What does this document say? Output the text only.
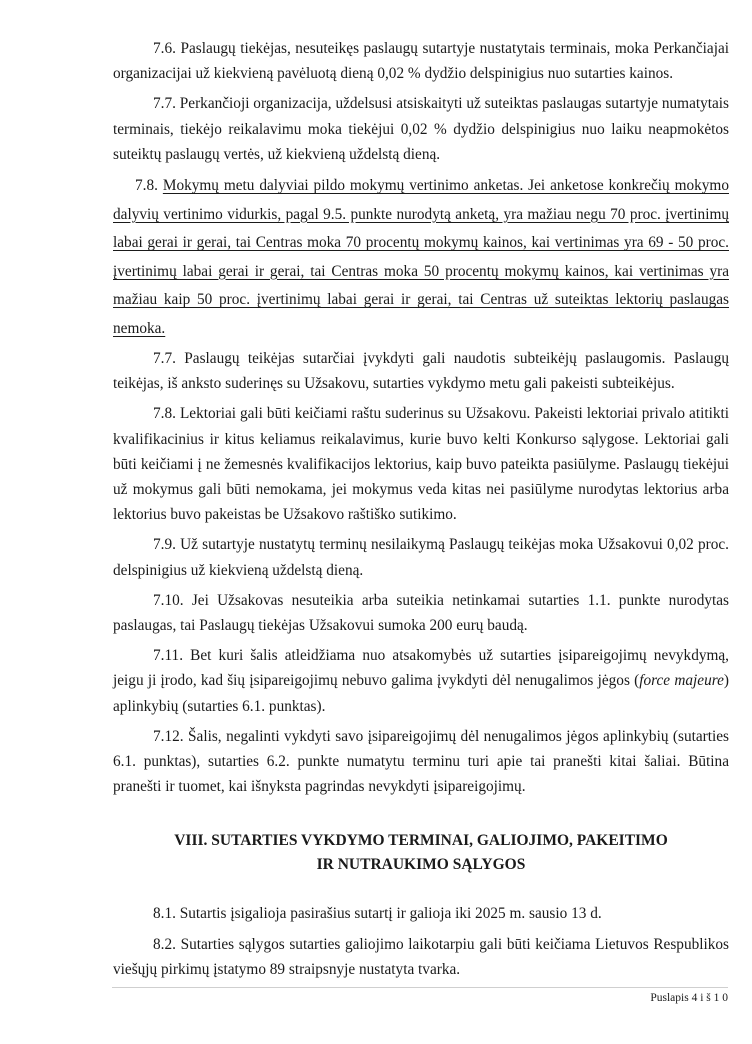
7.6. Paslaugų tiekėjas, nesuteikęs paslaugų sutartyje nustatytais terminais, moka Perkančiajai organizacijai už kiekvieną pavėluotą dieną 0,02 % dydžio delspinigius nuo sutarties kainos.

7.7. Perkančioji organizacija, uždelsusi atsiskaityti už suteiktas paslaugas sutartyje numatytais terminais, tiekėjo reikalavimu moka tiekėjui 0,02 % dydžio delspinigius nuo laiku neapmokėtos suteiktų paslaugų vertės, už kiekvieną uždelstą dieną.

7.8. Mokymų metu dalyviai pildo mokymų vertinimo anketas. Jei anketose konkrečių mokymo dalyvių vertinimo vidurkis, pagal 9.5. punkte nurodytą anketą, yra mažiau negu 70 proc. įvertinimų labai gerai ir gerai, tai Centras moka 70 procentų mokymų kainos, kai vertinimas yra 69 - 50 proc. įvertinimų labai gerai ir gerai, tai Centras moka 50 procentų mokymų kainos, kai vertinimas yra mažiau kaip 50 proc. įvertinimų labai gerai ir gerai, tai Centras už suteiktas lektorių paslaugas nemoka.

7.7. Paslaugų teikėjas sutarčiai įvykdyti gali naudotis subteikėjų paslaugomis. Paslaugų teikėjas, iš anksto suderinęs su Užsakovu, sutarties vykdymo metu gali pakeisti subteikėjus.

7.8. Lektoriai gali būti keičiami raštu suderinus su Užsakovu. Pakeisti lektoriai privalo atitikti kvalifikacinius ir kitus keliamus reikalavimus, kurie buvo kelti Konkurso sąlygose. Lektoriai gali būti keičiami į ne žemesnės kvalifikacijos lektorius, kaip buvo pateikta pasiūlyme. Paslaugų tiekėjui už mokymus gali būti nemokama, jei mokymus veda kitas nei pasiūlyme nurodytas lektorius arba lektorius buvo pakeistas be Užsakovo raštiško sutikimo.

7.9. Už sutartyje nustatytų terminų nesilaikymą Paslaugų teikėjas moka Užsakovui 0,02 proc. delspinigius už kiekvieną uždelstą dieną.

7.10. Jei Užsakovas nesuteikia arba suteikia netinkamai sutarties 1.1. punkte nurodytas paslaugas, tai Paslaugų tiekėjas Užsakovui sumoka 200 eurų baudą.

7.11. Bet kuri šalis atleidžiama nuo atsakomybės už sutarties įsipareigojimų nevykdymą, jeigu ji įrodo, kad šių įsipareigojimų nebuvo galima įvykdyti dėl nenugalimos jėgos (force majeure) aplinkybių (sutarties 6.1. punktas).

7.12. Šalis, negalinti vykdyti savo įsipareigojimų dėl nenugalimos jėgos aplinkybių (sutarties 6.1. punktas), sutarties 6.2. punkte numatytu terminu turi apie tai pranešti kitai šaliai. Būtina pranešti ir tuomet, kai išnyksta pagrindas nevykdyti įsipareigojimų.

VIII. SUTARTIES VYKDYMO TERMINAI, GALIOJIMO, PAKEITIMO
IR NUTRAUKIMO SĄLYGOS

8.1. Sutartis įsigalioja pasirašius sutartį ir galioja iki 2025 m. sausio 13 d.

8.2. Sutarties sąlygos sutarties galiojimo laikotarpiu gali būti keičiama Lietuvos Respublikos viešųjų pirkimų įstatymo 89 straipsnyje nustatyta tvarka.

Puslapis 4 i š 1 0
